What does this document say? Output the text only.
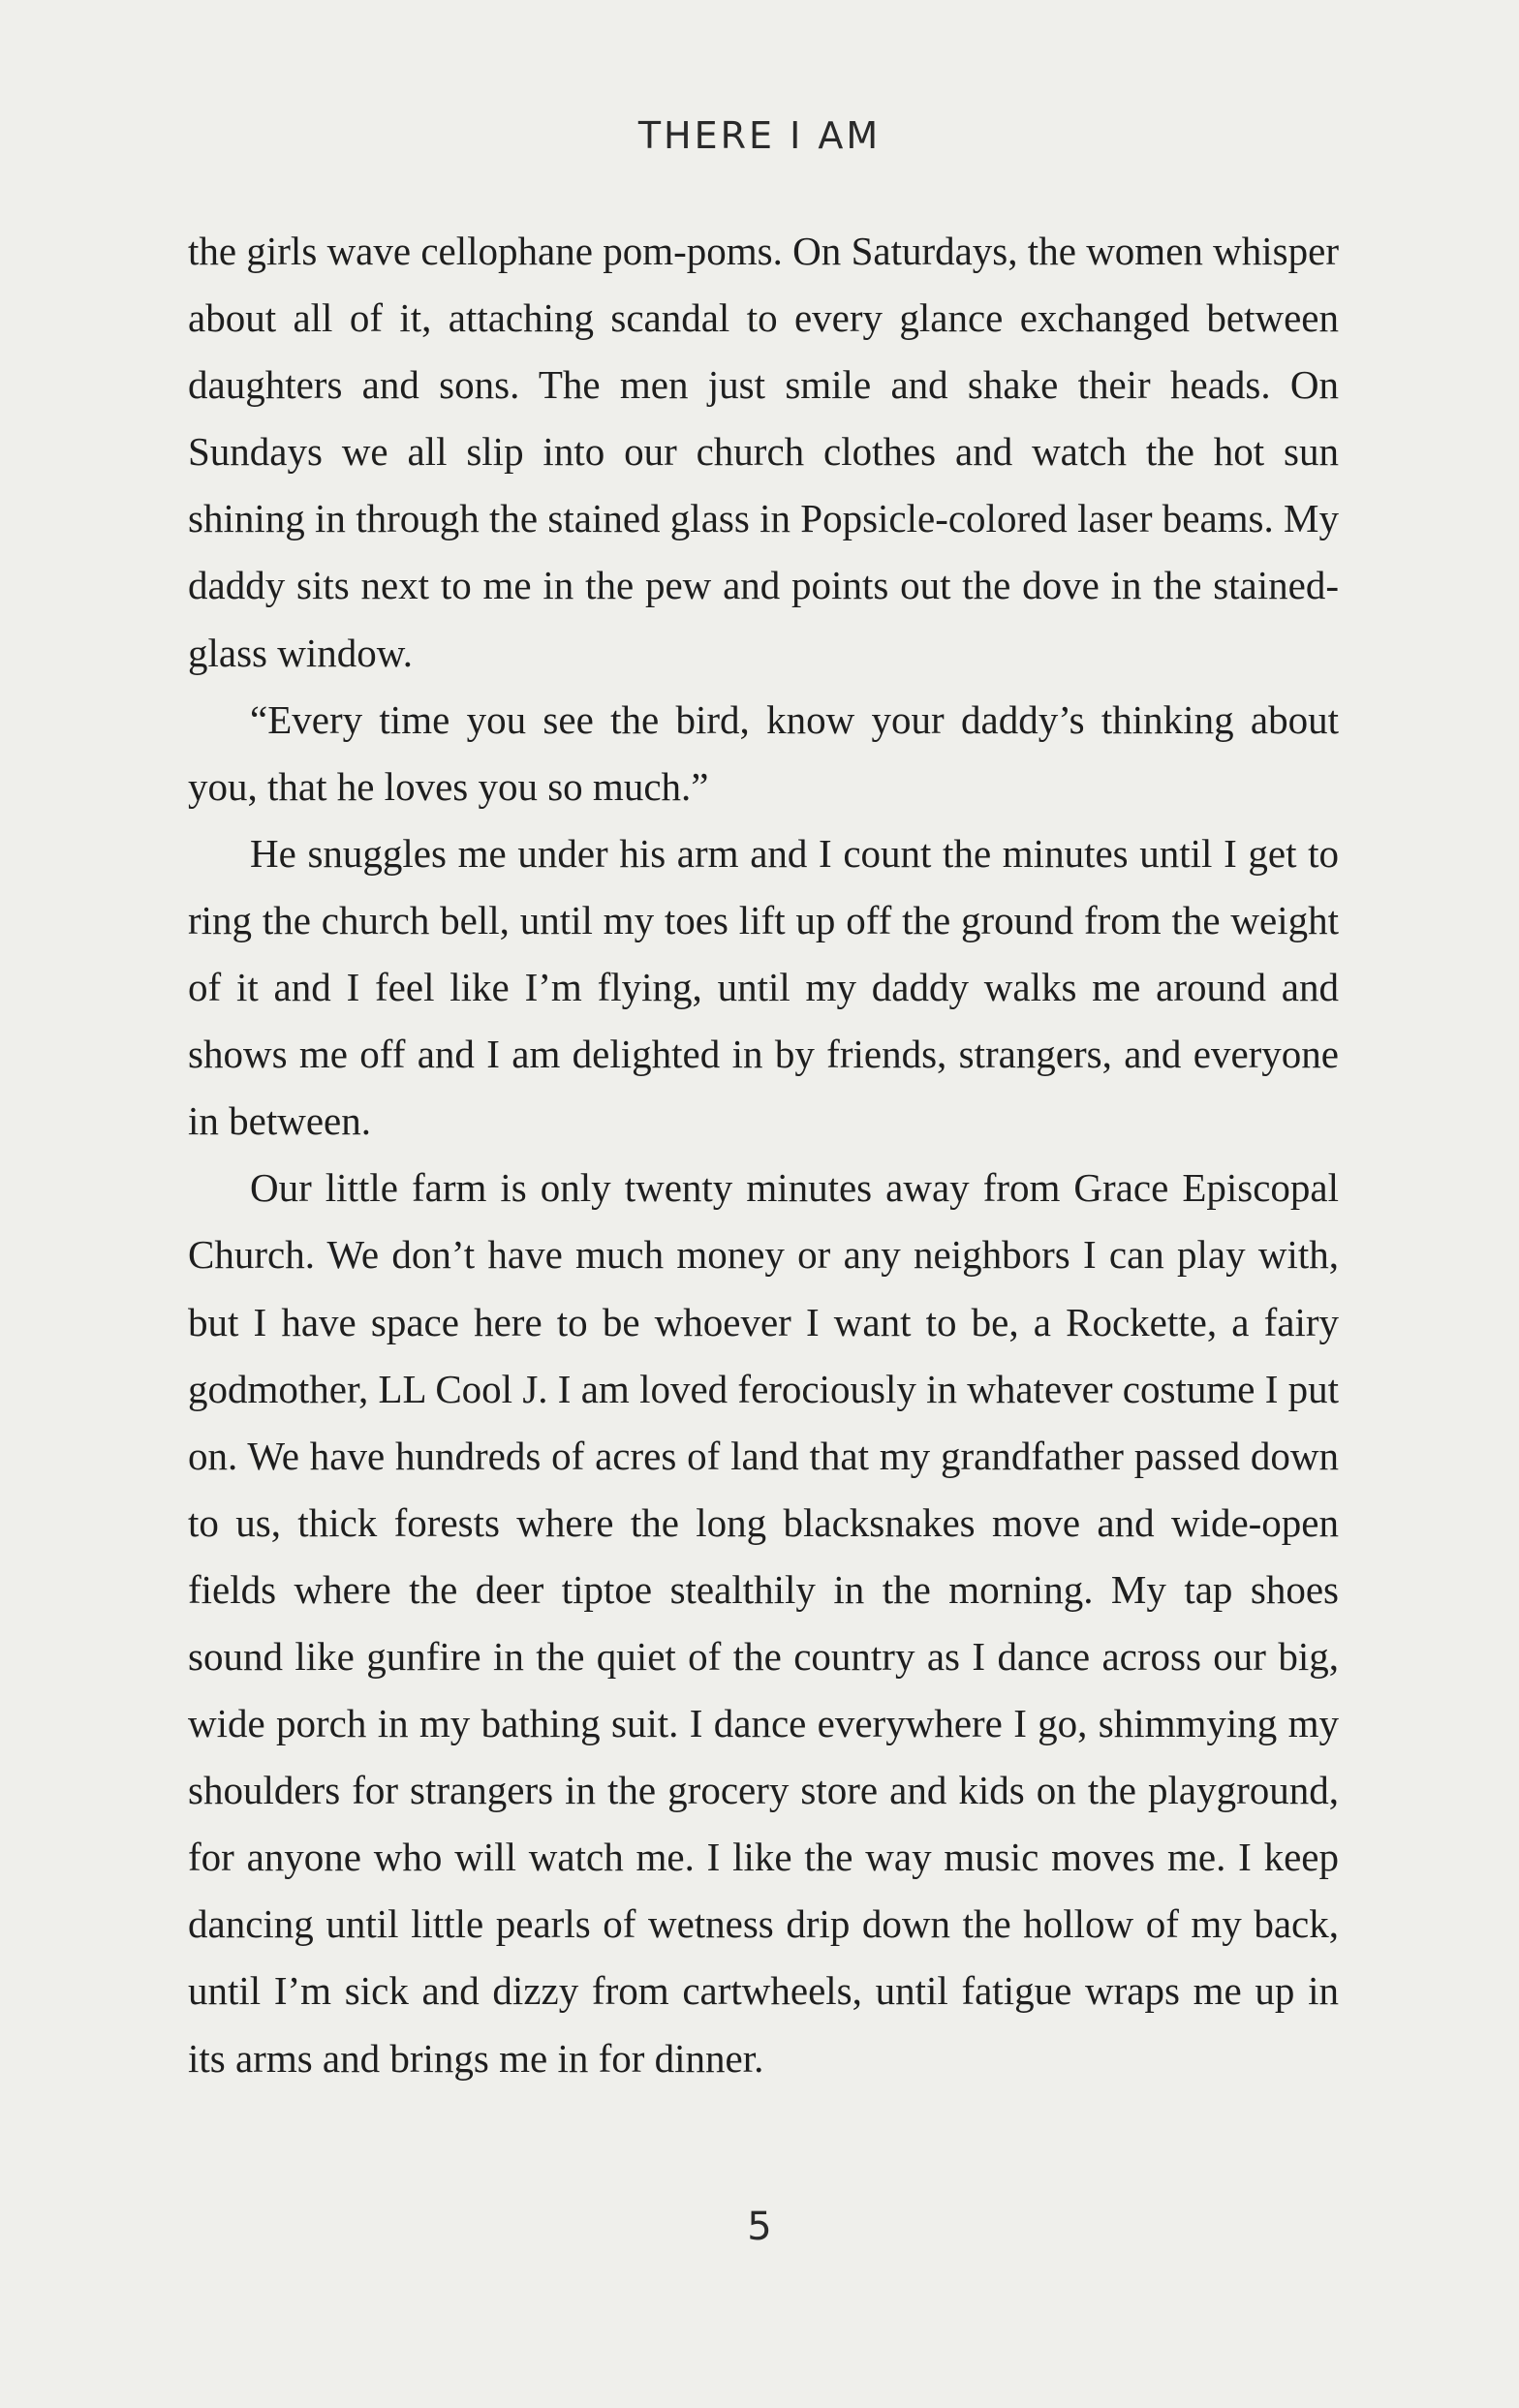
THERE I AM

the girls wave cellophane pom-poms. On Saturdays, the women whisper about all of it, attaching scandal to every glance exchanged between daughters and sons. The men just smile and shake their heads. On Sundays we all slip into our church clothes and watch the hot sun shining in through the stained glass in Popsicle-colored laser beams. My daddy sits next to me in the pew and points out the dove in the stained-glass window.

“Every time you see the bird, know your daddy’s thinking about you, that he loves you so much.”

He snuggles me under his arm and I count the minutes until I get to ring the church bell, until my toes lift up off the ground from the weight of it and I feel like I’m flying, until my daddy walks me around and shows me off and I am delighted in by friends, strangers, and everyone in between.

Our little farm is only twenty minutes away from Grace Episcopal Church. We don’t have much money or any neighbors I can play with, but I have space here to be whoever I want to be, a Rockette, a fairy godmother, LL Cool J. I am loved ferociously in whatever costume I put on. We have hundreds of acres of land that my grandfather passed down to us, thick forests where the long blacksnakes move and wide-open fields where the deer tiptoe stealthily in the morning. My tap shoes sound like gunfire in the quiet of the country as I dance across our big, wide porch in my bathing suit. I dance everywhere I go, shimmying my shoulders for strangers in the grocery store and kids on the playground, for anyone who will watch me. I like the way music moves me. I keep dancing until little pearls of wetness drip down the hollow of my back, until I’m sick and dizzy from cartwheels, until fatigue wraps me up in its arms and brings me in for dinner.

5
